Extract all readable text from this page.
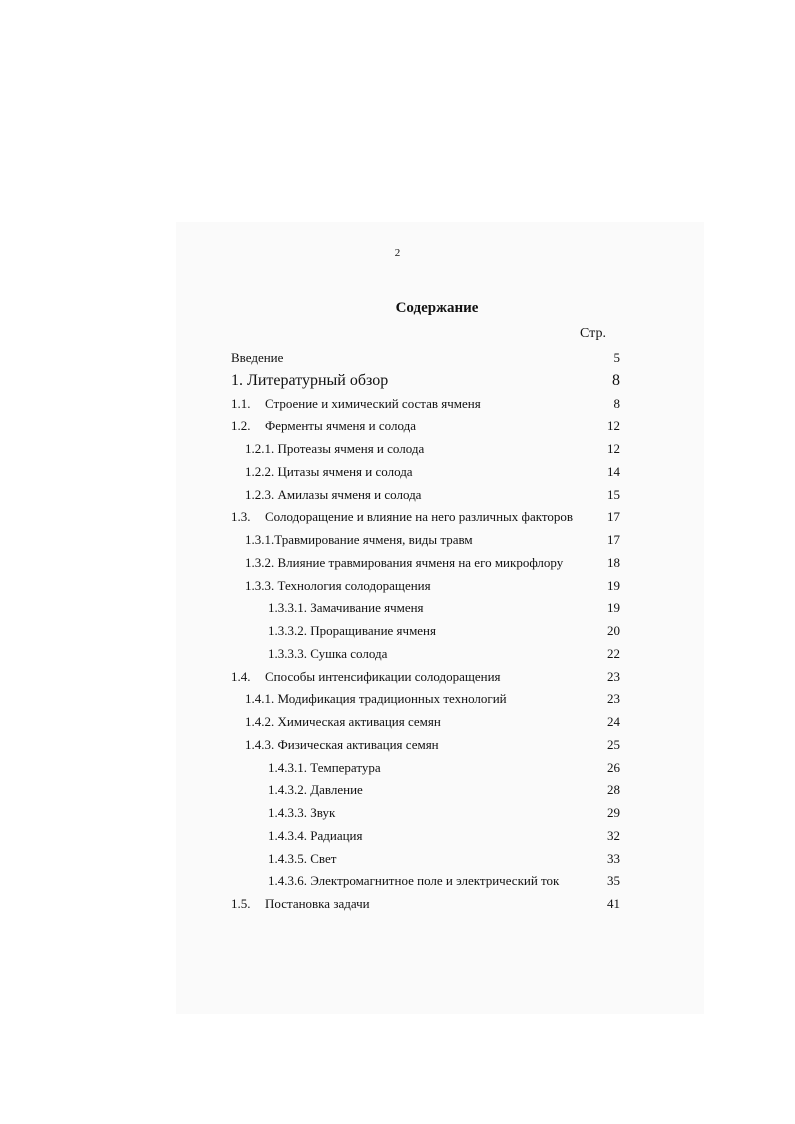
2
Содержание
Стр.
Введение	5
1. Литературный обзор	8
1.1. Строение и химический состав ячменя	8
1.2. Ферменты ячменя и солода	12
1.2.1. Протеазы ячменя и солода	12
1.2.2. Цитазы ячменя и солода	14
1.2.3. Амилазы ячменя и солода	15
1.3. Солодоращение и влияние на него различных факторов	17
1.3.1.Травмирование ячменя, виды травм	17
1.3.2. Влияние травмирования ячменя на его микрофлору	18
1.3.3. Технология солодоращения	19
1.3.3.1. Замачивание ячменя	19
1.3.3.2. Проращивание ячменя	20
1.3.3.3. Сушка солода	22
1.4. Способы интенсификации солодоращения	23
1.4.1. Модификация традиционных технологий	23
1.4.2. Химическая активация семян	24
1.4.3. Физическая активация семян	25
1.4.3.1. Температура	26
1.4.3.2. Давление	28
1.4.3.3. Звук	29
1.4.3.4. Радиация	32
1.4.3.5. Свет	33
1.4.3.6. Электромагнитное поле и электрический ток	35
1.5. Постановка задачи	41
